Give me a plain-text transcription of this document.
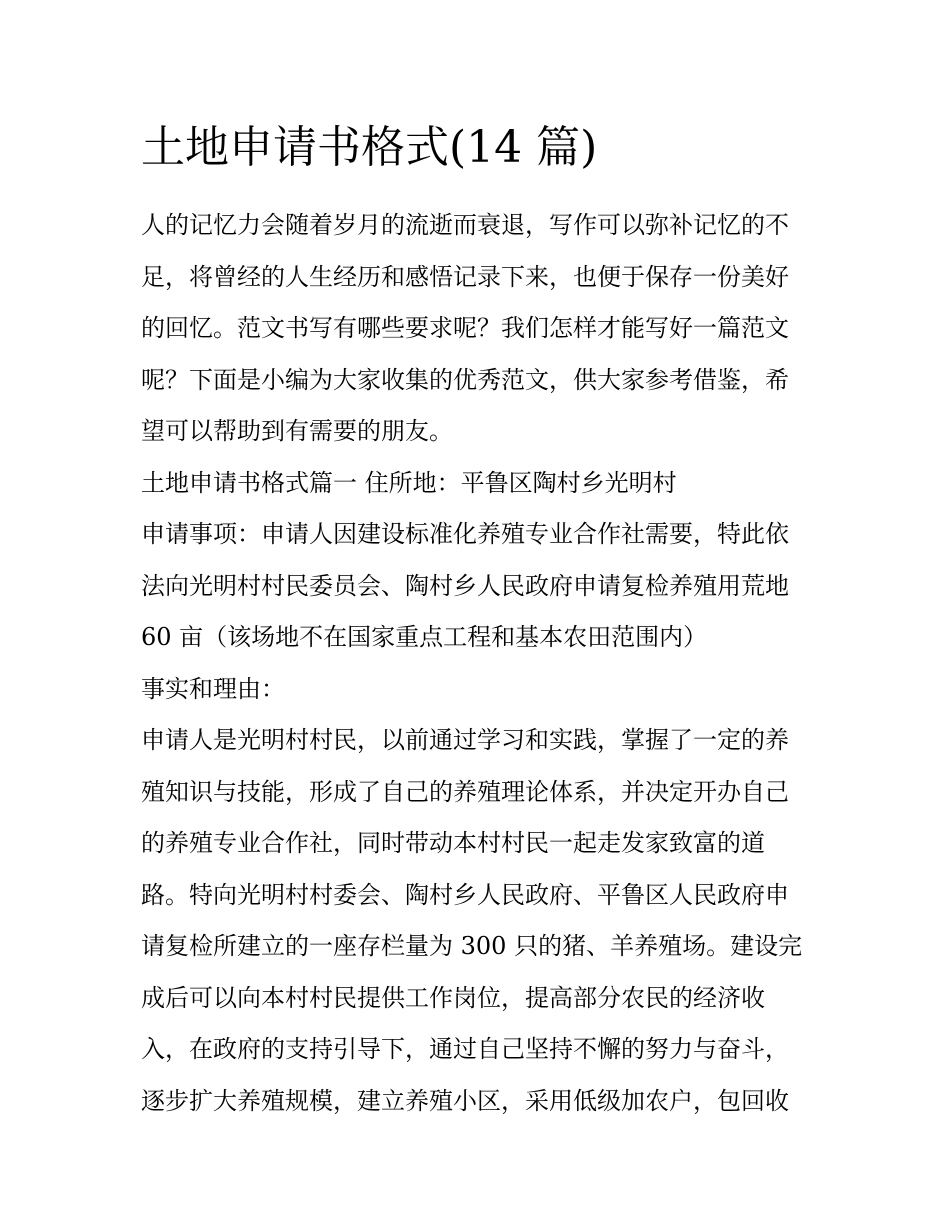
土地申请书格式(14 篇)

人的记忆力会随着岁月的流逝而衰退，写作可以弥补记忆的不

足，将曾经的人生经历和感悟记录下来，也便于保存一份美好

的回忆。范文书写有哪些要求呢？我们怎样才能写好一篇范文

呢？下面是小编为大家收集的优秀范文，供大家参考借鉴，希

望可以帮助到有需要的朋友。

土地申请书格式篇一 住所地：平鲁区陶村乡光明村

申请事项：申请人因建设标准化养殖专业合作社需要，特此依

法向光明村村民委员会、陶村乡人民政府申请复检养殖用荒地

60 亩（该场地不在国家重点工程和基本农田范围内）

事实和理由：

申请人是光明村村民，以前通过学习和实践，掌握了一定的养

殖知识与技能，形成了自己的养殖理论体系，并决定开办自己

的养殖专业合作社，同时带动本村村民一起走发家致富的道

路。特向光明村村委会、陶村乡人民政府、平鲁区人民政府申

请复检所建立的一座存栏量为 300 只的猪、羊养殖场。建设完

成后可以向本村村民提供工作岗位，提高部分农民的经济收

入，在政府的支持引导下，通过自己坚持不懈的努力与奋斗，

逐步扩大养殖规模，建立养殖小区，采用低级加农户，包回收
